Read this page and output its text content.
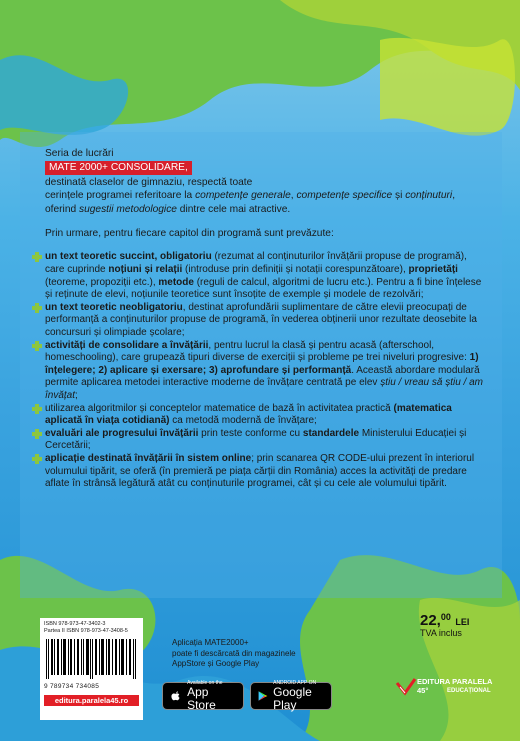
Seria de lucrări
MATE 2000+ CONSOLIDARE,
destinată claselor de gimnaziu, respectă toate
cerințele programei referitoare la competențe generale, competențe specifice și conținuturi, oferind sugestii metodologice dintre cele mai atractive.
Prin urmare, pentru fiecare capitol din programă sunt prevăzute:
un text teoretic succint, obligatoriu (rezumat al conținuturilor învățării propuse de programă), care cuprinde noțiuni și relații (introduse prin definiții și notații corespunzătoare), proprietăți (teoreme, propoziții etc.), metode (reguli de calcul, algoritmi de lucru etc.). Pentru a fi bine înțelese și reținute de elevi, noțiunile teoretice sunt însoțite de exemple și modele de rezolvări;
un text teoretic neobligatoriu, destinat aprofundării suplimentare de către elevii preocupați de performanță a conținuturilor propuse de programă, în vederea obținerii unor rezultate deosebite la concursuri și olimpiade școlare;
activități de consolidare a învățării, pentru lucrul la clasă și pentru acasă (afterschool, homeschooling), care grupează tipuri diverse de exerciții și probleme pe trei niveluri progresive: 1) înțelegere; 2) aplicare și exersare; 3) aprofundare și performanță. Această abordare modulară permite aplicarea metodei interactive moderne de învățare centrată pe elev știu / vreau să știu / am învățat;
utilizarea algoritmilor și conceptelor matematice de bază în activitatea practică (matematica aplicată în viața cotidiană) ca metodă modernă de învățare;
evaluări ale progresului învățării prin teste conforme cu standardele Ministerului Educației și Cercetării;
aplicație destinată învățării în sistem online; prin scanarea QR CODE-ului prezent în interiorul volumului tipărit, se oferă (în premieră pe piața cărții din România) acces la activități de predare aflate în strânsă legătură atât cu conținuturile programei, cât și cu cele ale volumului tipărit.
22,00 LEI
TVA inclus
ISBN 978-973-47-3402-3
Partea II ISBN 978-973-47-3408-5
9 789734 734085
editura.paralela45.ro
Aplicația MATE2000+
poate fi descărcată din magazinele
AppStore și Google Play
Available on the
App Store
ANDROID APP ON
Google Play
EDITURA PARALELA 45°	EDUCAȚIONAL
